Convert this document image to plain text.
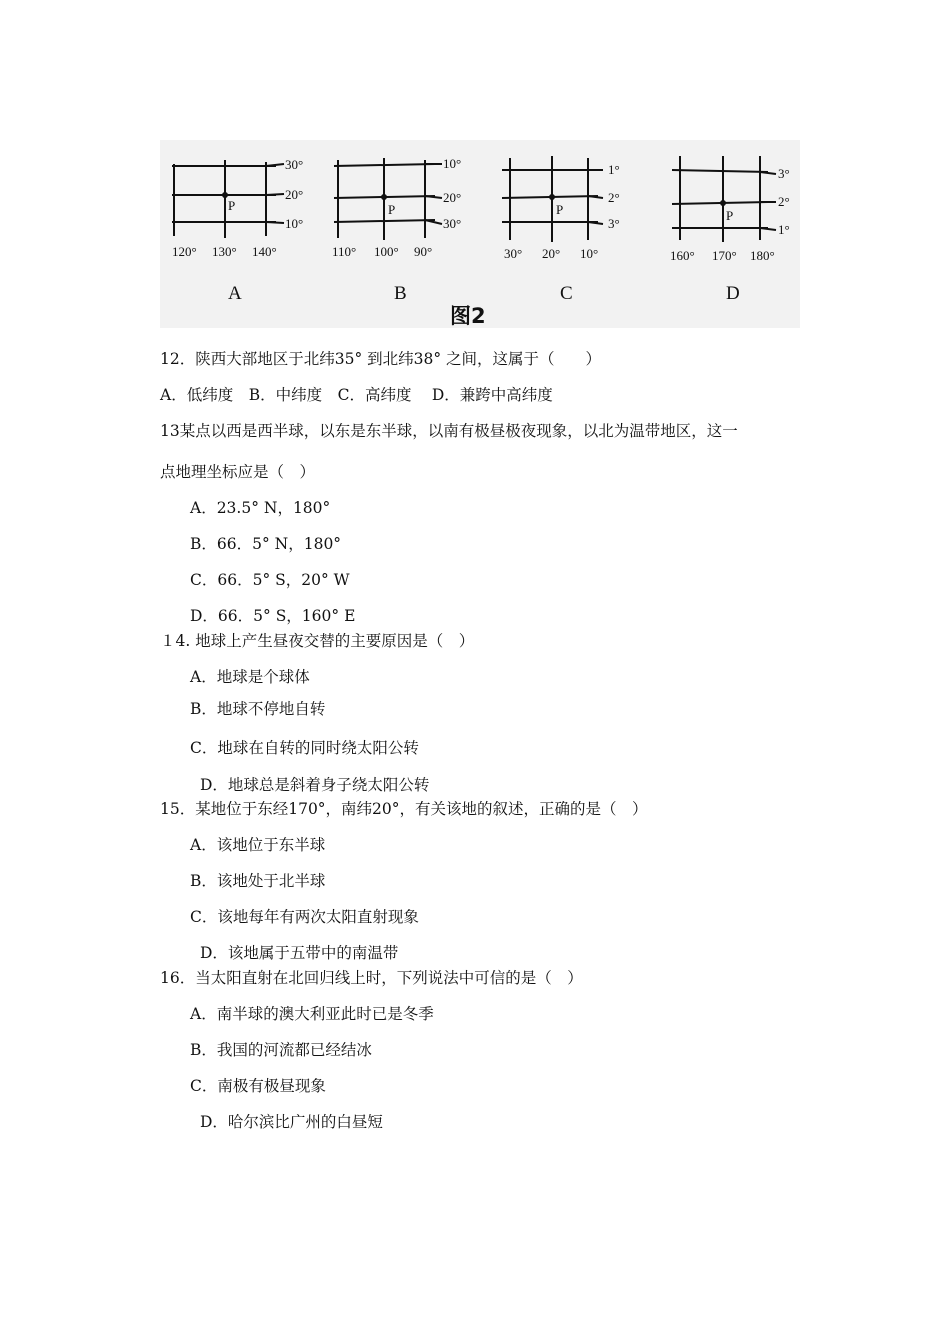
P
30°
20°
10°
120° 130° 140°
A
P
10°
20°
30°
110° 100° 90°
B
P
1°
2°
3°
30° 20° 10°
C
P
3°
2°
1°
160° 170° 180°
D
图2
12．陕西大部地区于北纬35° 到北纬38° 之间，这属于（　　）
A．低纬度　B．中纬度　C．高纬度　 D．兼跨中高纬度
13某点以西是西半球，以东是东半球，以南有极昼极夜现象，以北为温带地区，这一
点地理坐标应是（　）
A．23.5° N，180°
B．66．5° N，180°
C．66．5° S，20° W
D．66．5° S，160° E
１4. 地球上产生昼夜交替的主要原因是（　）
A．地球是个球体
B．地球不停地自转
C．地球在自转的同时绕太阳公转
D．地球总是斜着身子绕太阳公转
15．某地位于东经170°，南纬20°，有关该地的叙述，正确的是（　）
A．该地位于东半球
B．该地处于北半球
C．该地每年有两次太阳直射现象
D．该地属于五带中的南温带
16．当太阳直射在北回归线上时，下列说法中可信的是（　）
A．南半球的澳大利亚此时已是冬季
B．我国的河流都已经结冰
C．南极有极昼现象
D．哈尔滨比广州的白昼短
